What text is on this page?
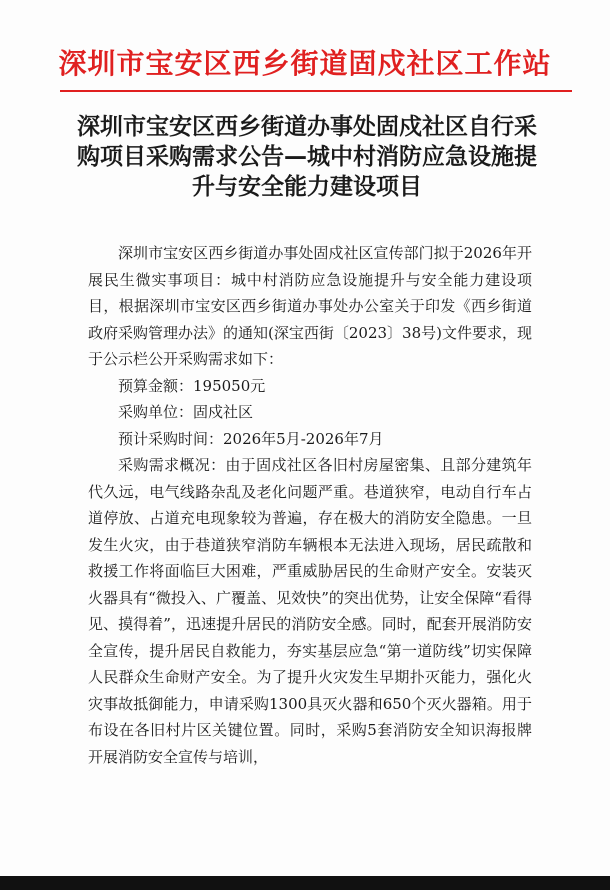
深圳市宝安区西乡街道固戍社区工作站
深圳市宝安区西乡街道办事处固戍社区自行采购项目采购需求公告—城中村消防应急设施提升与安全能力建设项目

深圳市宝安区西乡街道办事处固戍社区宣传部门拟于2026年开展民生微实事项目：城中村消防应急设施提升与安全能力建设项目，根据深圳市宝安区西乡街道办事处办公室关于印发《西乡街道政府采购管理办法》的通知(深宝西街〔2023〕38号)文件要求，现于公示栏公开采购需求如下：

预算金额：195050元

采购单位：固戍社区

预计采购时间：2026年5月-2026年7月

采购需求概况：由于固戍社区各旧村房屋密集、且部分建筑年代久远，电气线路杂乱及老化问题严重。巷道狭窄，电动自行车占道停放、占道充电现象较为普遍，存在极大的消防安全隐患。一旦发生火灾，由于巷道狭窄消防车辆根本无法进入现场，居民疏散和救援工作将面临巨大困难，严重威胁居民的生命财产安全。安装灭火器具有“微投入、广覆盖、见效快”的突出优势，让安全保障“看得见、摸得着”，迅速提升居民的消防安全感。同时，配套开展消防安全宣传，提升居民自救能力，夯实基层应急“第一道防线”切实保障人民群众生命财产安全。为了提升火灾发生早期扑灭能力，强化火灾事故抵御能力，申请采购1300具灭火器和650个灭火器箱。用于布设在各旧村片区关键位置。同时，采购5套消防安全知识海报牌开展消防安全宣传与培训，
